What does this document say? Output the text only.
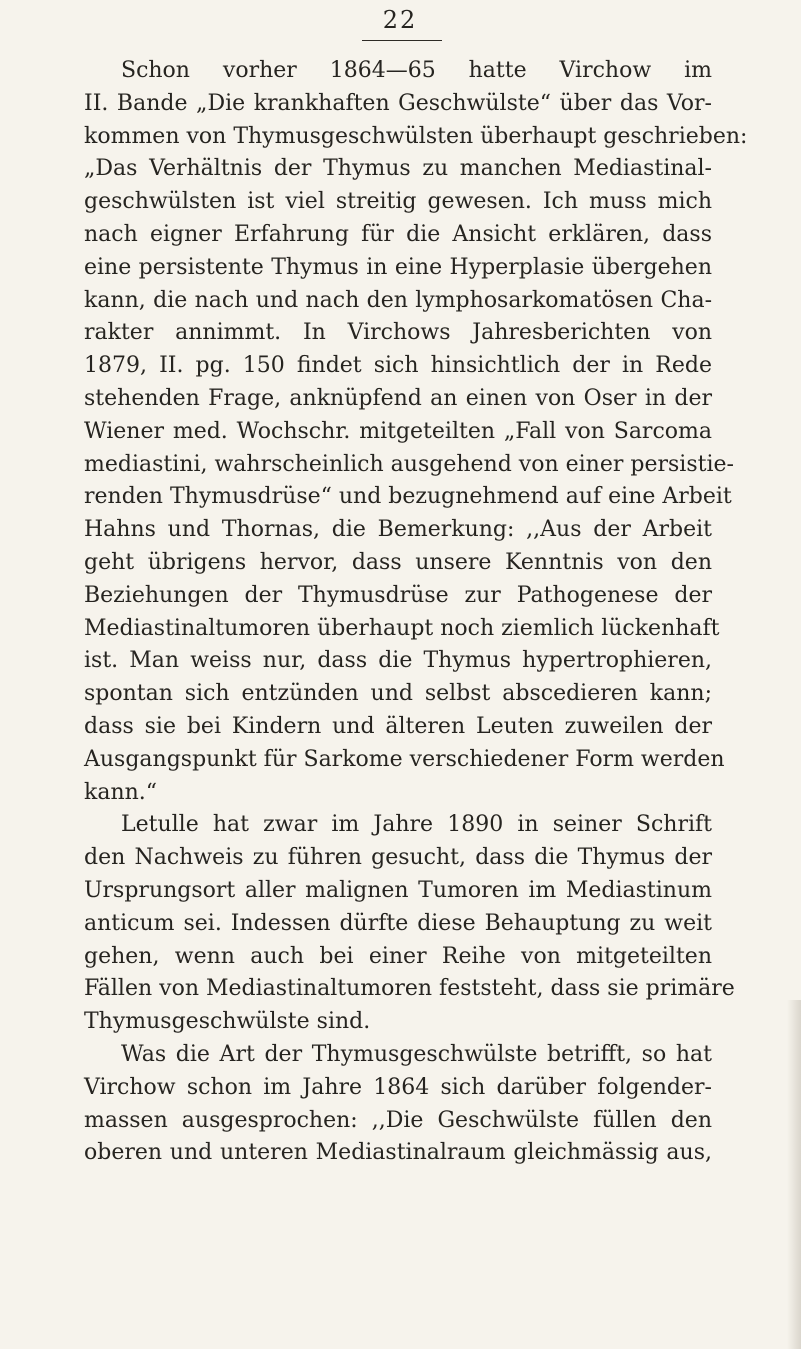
22
Schon vorher 1864—65 hatte Virchow im
II. Bande „Die krankhaften Geschwülste“ über das Vor-
kommen von Thymusgeschwülsten überhaupt geschrieben:
„Das Verhältnis der Thymus zu manchen Mediastinal-
geschwülsten ist viel streitig gewesen. Ich muss mich
nach eigner Erfahrung für die Ansicht erklären, dass
eine persistente Thymus in eine Hyperplasie übergehen
kann, die nach und nach den lymphosarkomatösen Cha-
rakter annimmt. In Virchows Jahresberichten von
1879, II. pg. 150 findet sich hinsichtlich der in Rede
stehenden Frage, anknüpfend an einen von Oser in der
Wiener med. Wochschr. mitgeteilten „Fall von Sarcoma
mediastini, wahrscheinlich ausgehend von einer persistie-
renden Thymusdrüse“ und bezugnehmend auf eine Arbeit
Hahns und Thornas, die Bemerkung: ,,Aus der Arbeit
geht übrigens hervor, dass unsere Kenntnis von den
Beziehungen der Thymusdrüse zur Pathogenese der
Mediastinaltumoren überhaupt noch ziemlich lückenhaft
ist. Man weiss nur, dass die Thymus hypertrophieren,
spontan sich entzünden und selbst abscedieren kann;
dass sie bei Kindern und älteren Leuten zuweilen der
Ausgangspunkt für Sarkome verschiedener Form werden
kann.“
Letulle hat zwar im Jahre 1890 in seiner Schrift
den Nachweis zu führen gesucht, dass die Thymus der
Ursprungsort aller malignen Tumoren im Mediastinum
anticum sei. Indessen dürfte diese Behauptung zu weit
gehen, wenn auch bei einer Reihe von mitgeteilten
Fällen von Mediastinaltumoren feststeht, dass sie primäre
Thymusgeschwülste sind.
Was die Art der Thymusgeschwülste betrifft, so hat
Virchow schon im Jahre 1864 sich darüber folgender-
massen ausgesprochen: ,,Die Geschwülste füllen den
oberen und unteren Mediastinalraum gleichmässig aus,
